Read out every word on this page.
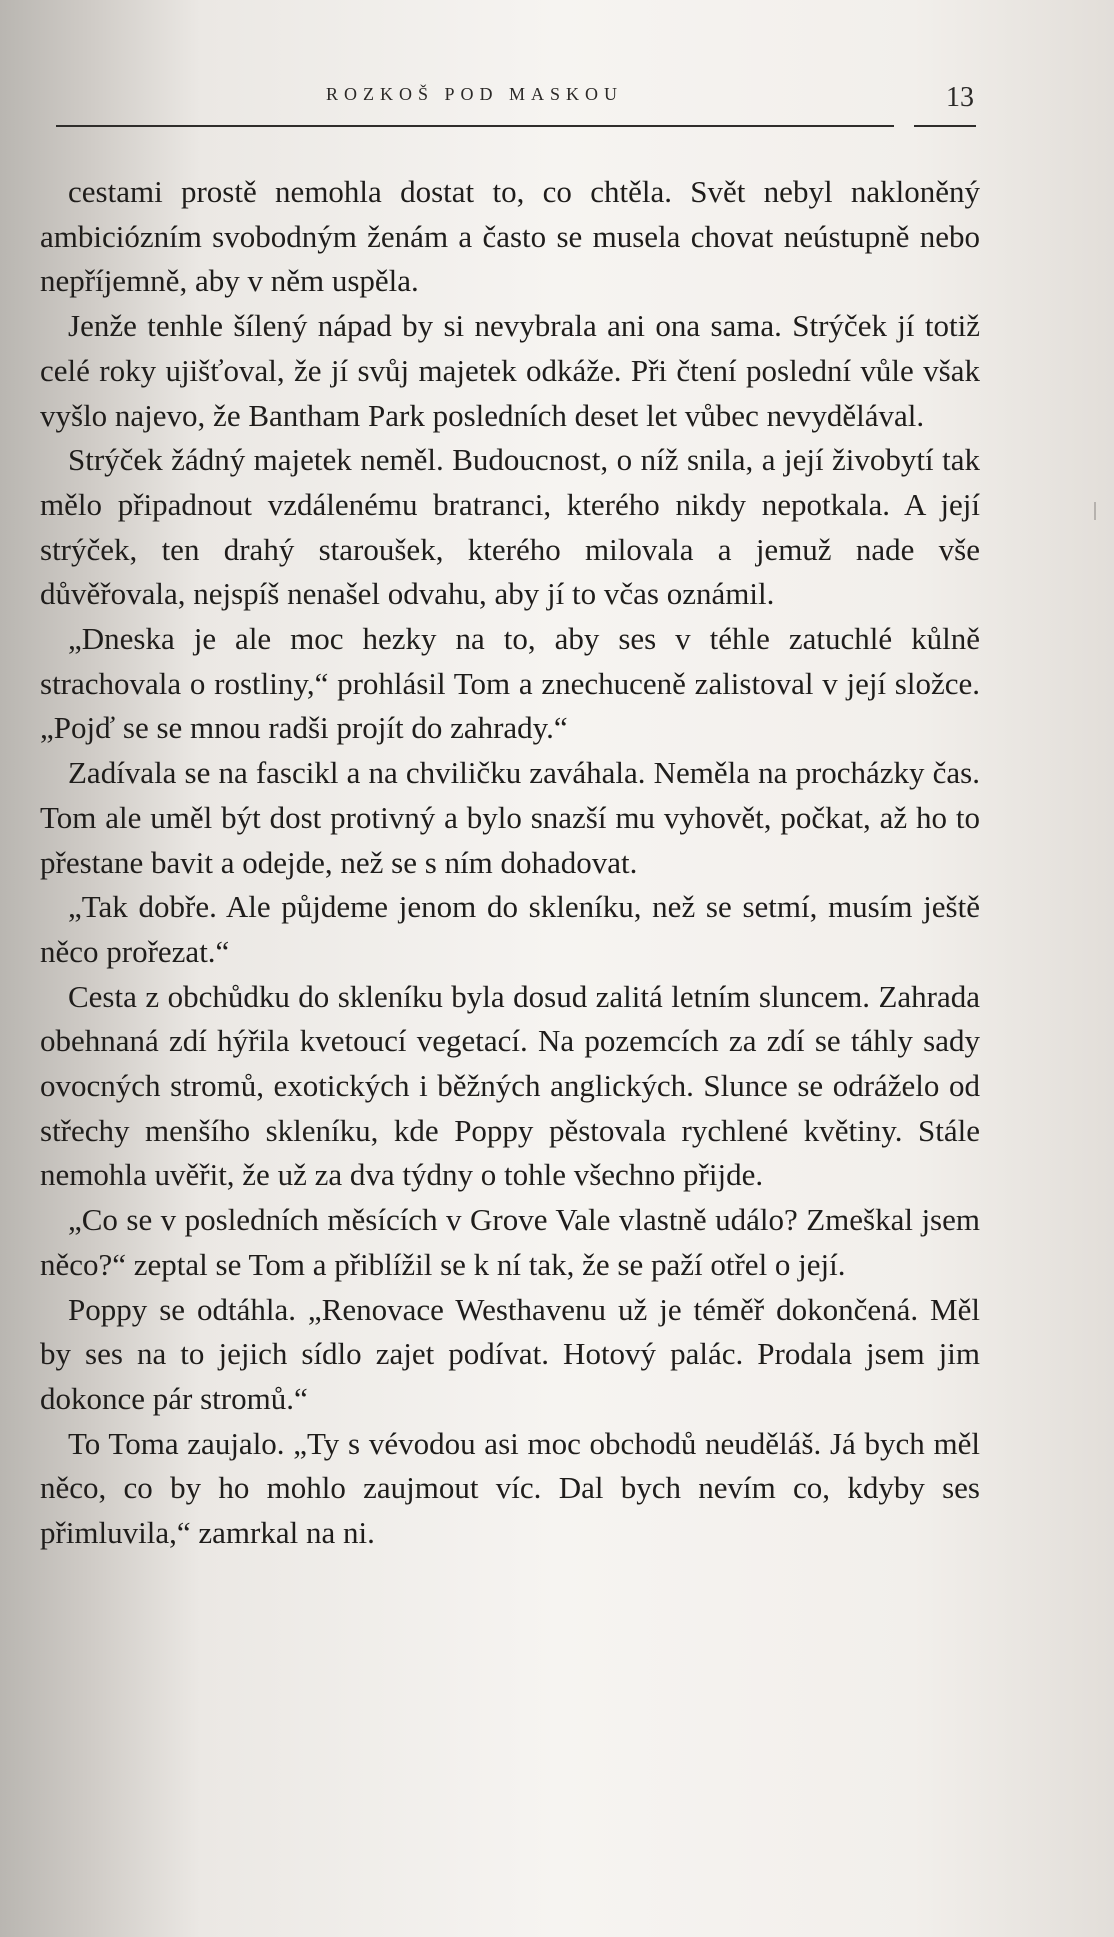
ROZKOŠ POD MASKOU	13

cestami prostě nemohla dostat to, co chtěla. Svět nebyl nakloněný ambiciózním svobodným ženám a často se musela chovat neústupně nebo nepříjemně, aby v něm uspěla.

Jenže tenhle šílený nápad by si nevybrala ani ona sama. Strýček jí totiž celé roky ujišťoval, že jí svůj majetek odkáže. Při čtení poslední vůle však vyšlo najevo, že Bantham Park posledních deset let vůbec nevydělával.

Strýček žádný majetek neměl. Budoucnost, o níž snila, a její živobytí tak mělo připadnout vzdálenému bratranci, kterého nikdy nepotkala. A její strýček, ten drahý staroušek, kterého milovala a jemuž nade vše důvěřovala, nejspíš nenašel odvahu, aby jí to včas oznámil.

„Dneska je ale moc hezky na to, aby ses v téhle zatuchlé kůlně strachovala o rostliny,“ prohlásil Tom a znechuceně zalistoval v její složce. „Pojď se se mnou radši projít do zahrady.“

Zadívala se na fascikl a na chviličku zaváhala. Neměla na procházky čas. Tom ale uměl být dost protivný a bylo snazší mu vyhovět, počkat, až ho to přestane bavit a odejde, než se s ním dohadovat.

„Tak dobře. Ale půjdeme jenom do skleníku, než se setmí, musím ještě něco prořezat.“

Cesta z obchůdku do skleníku byla dosud zalitá letním sluncem. Zahrada obehnaná zdí hýřila kvetoucí vegetací. Na pozemcích za zdí se táhly sady ovocných stromů, exotických i běžných anglických. Slunce se odráželo od střechy menšího skleníku, kde Poppy pěstovala rychlené květiny. Stále nemohla uvěřit, že už za dva týdny o tohle všechno přijde.

„Co se v posledních měsících v Grove Vale vlastně událo? Zmeškal jsem něco?“ zeptal se Tom a přiblížil se k ní tak, že se paží otřel o její.

Poppy se odtáhla. „Renovace Westhavenu už je téměř dokončená. Měl by ses na to jejich sídlo zajet podívat. Hotový palác. Prodala jsem jim dokonce pár stromů.“

To Toma zaujalo. „Ty s vévodou asi moc obchodů neuděláš. Já bych měl něco, co by ho mohlo zaujmout víc. Dal bych nevím co, kdyby ses přimluvila,“ zamrkal na ni.
